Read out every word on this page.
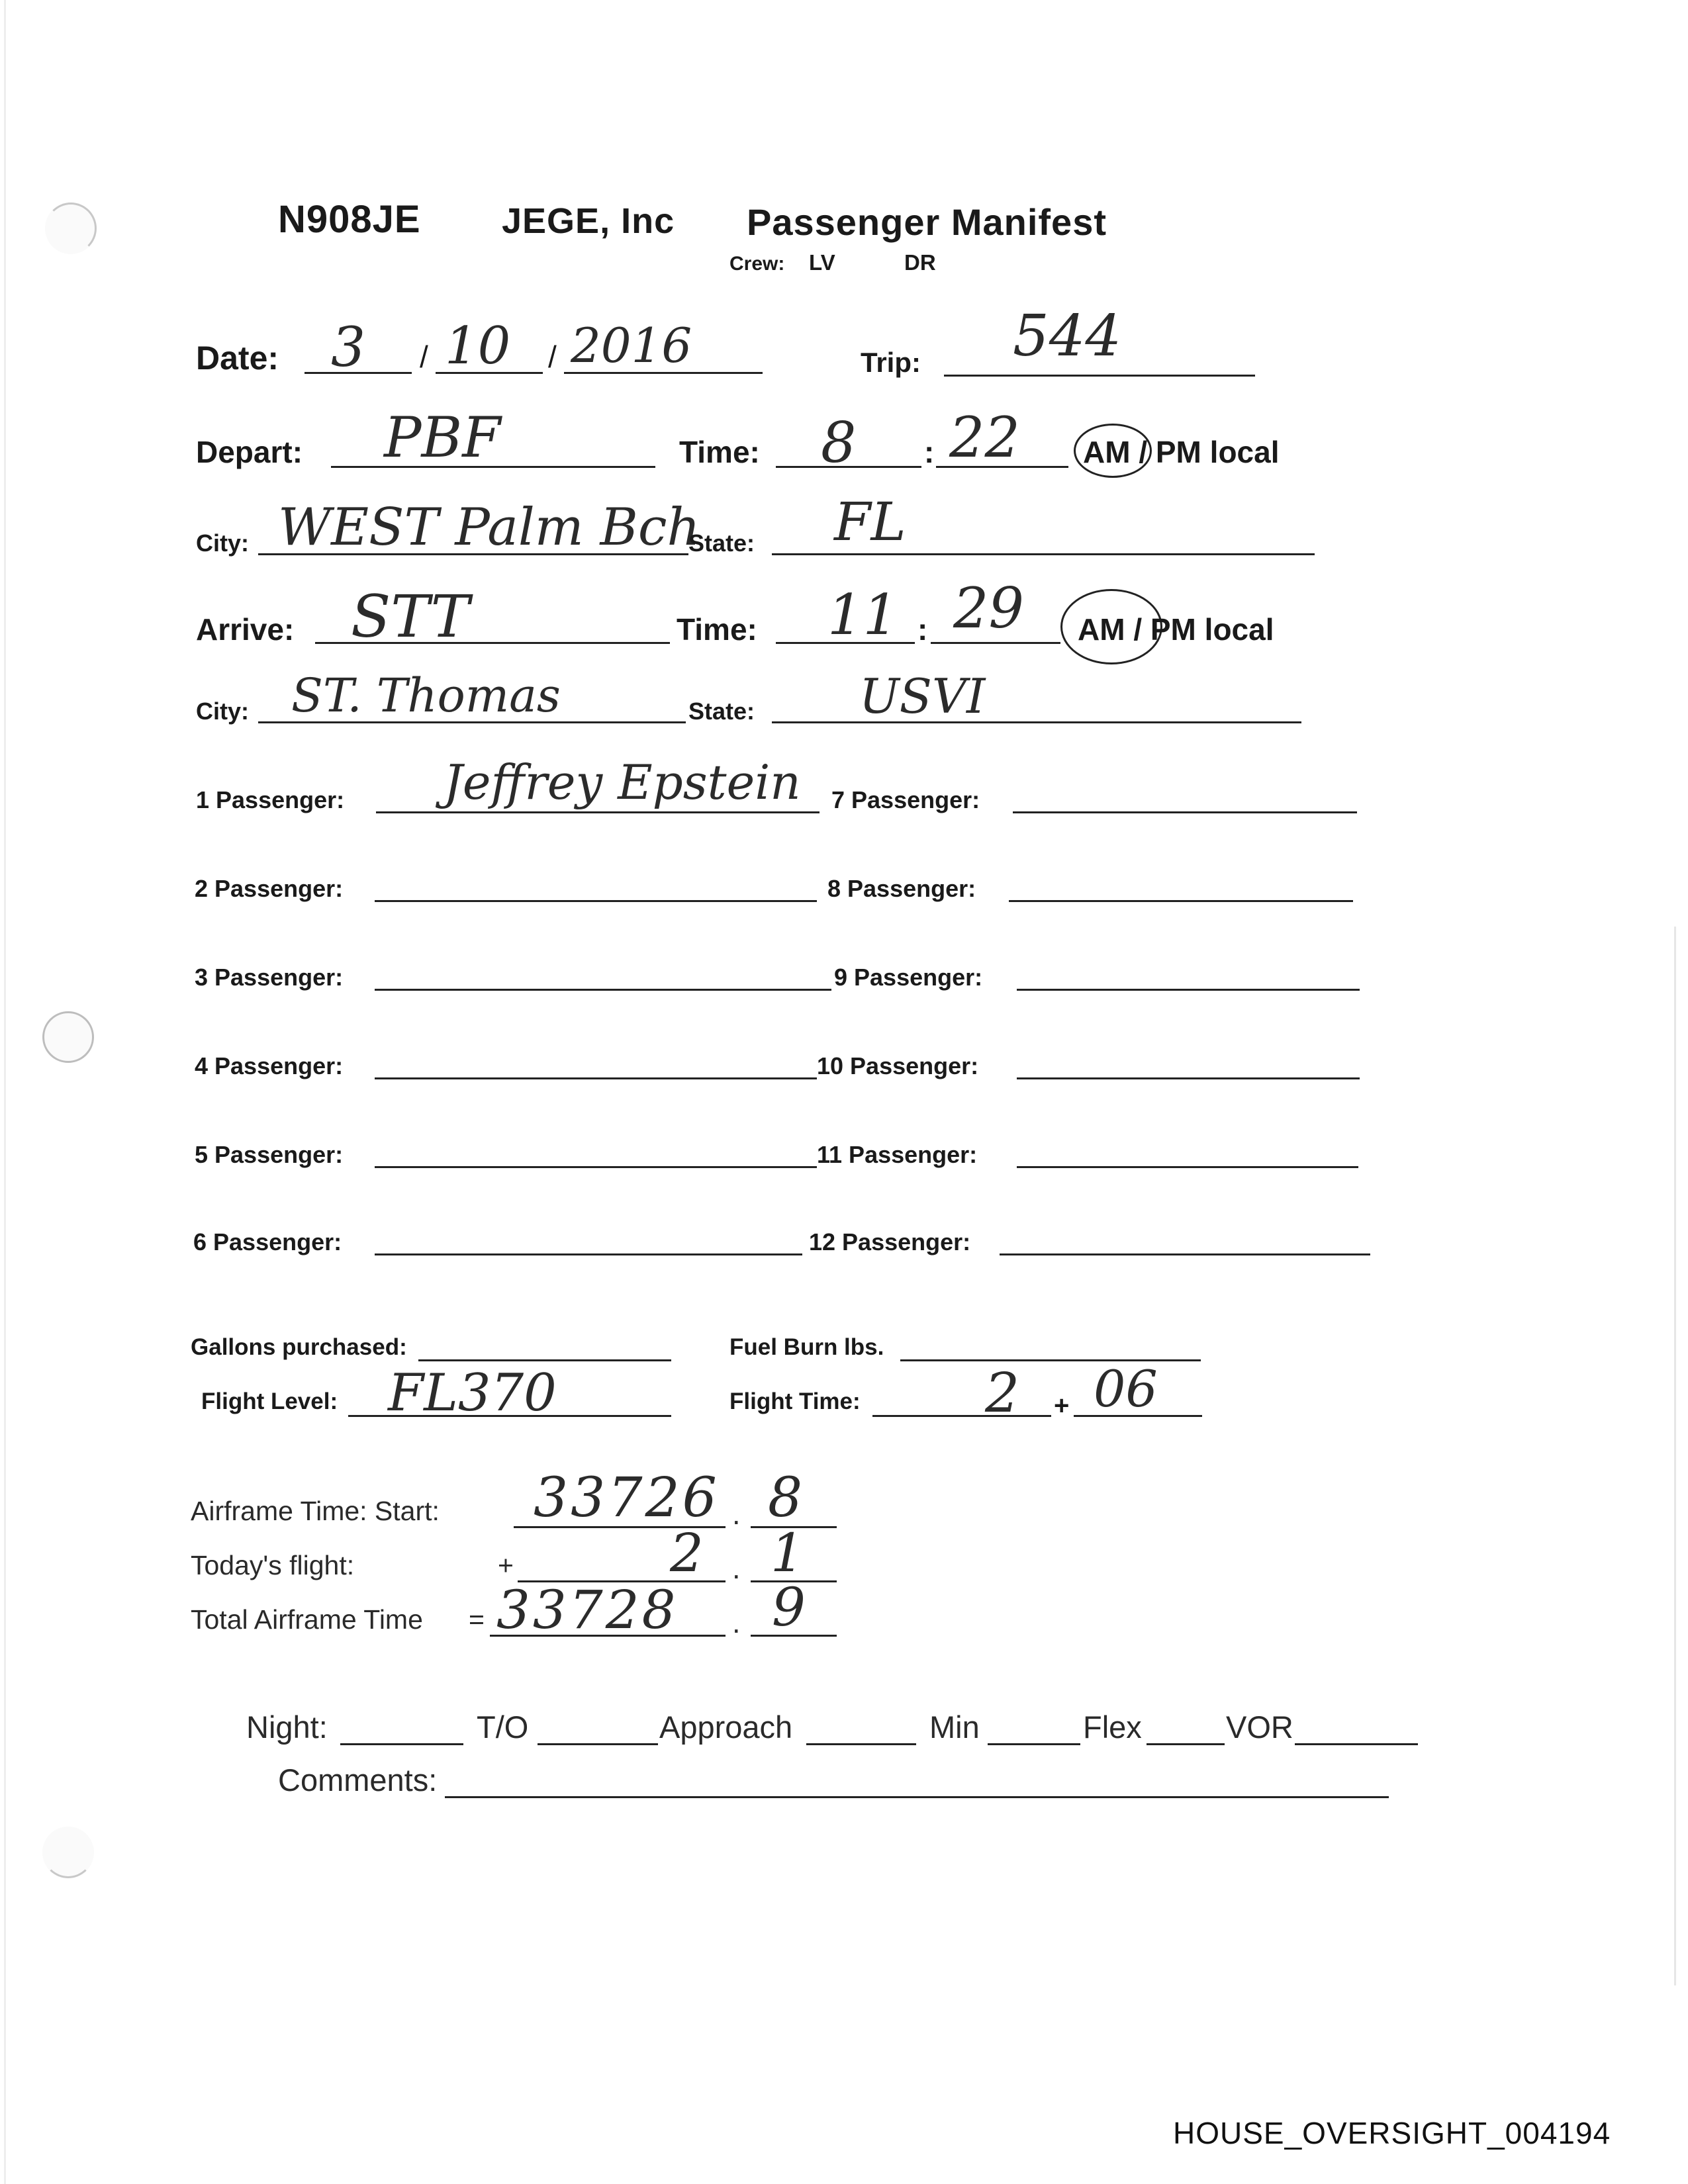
N908JE JEGE, Inc Passenger Manifest
Crew: LV	DR
Date: 3 / 10 / 2016	Trip: 544
Depart: PBF	Time: 8 : 22 AM / PM local
City: WEST Palm Bch
State: FL
Arrive: STT	Time: 11 : 29 AM / PM local
City: ST. Thomas	State: USVI
1 Passenger: Jeffrey Epstein 7 Passenger:
2 Passenger:	8 Passenger:
3 Passenger:	9 Passenger:
4 Passenger:	10 Passenger:
5 Passenger:	11 Passenger:
6 Passenger:	12 Passenger:
Gallons purchased:	Fuel Burn lbs.
Flight Level: FL370	Flight Time: 2 + 06
Airframe Time: Start: 33726 . 8
Today's flight:	+	2 . 1
Total Airframe Time = 33728 . 9
Night:	T/O	Approach	Min	Flex	VOR
Comments:
HOUSE_OVERSIGHT_004194
